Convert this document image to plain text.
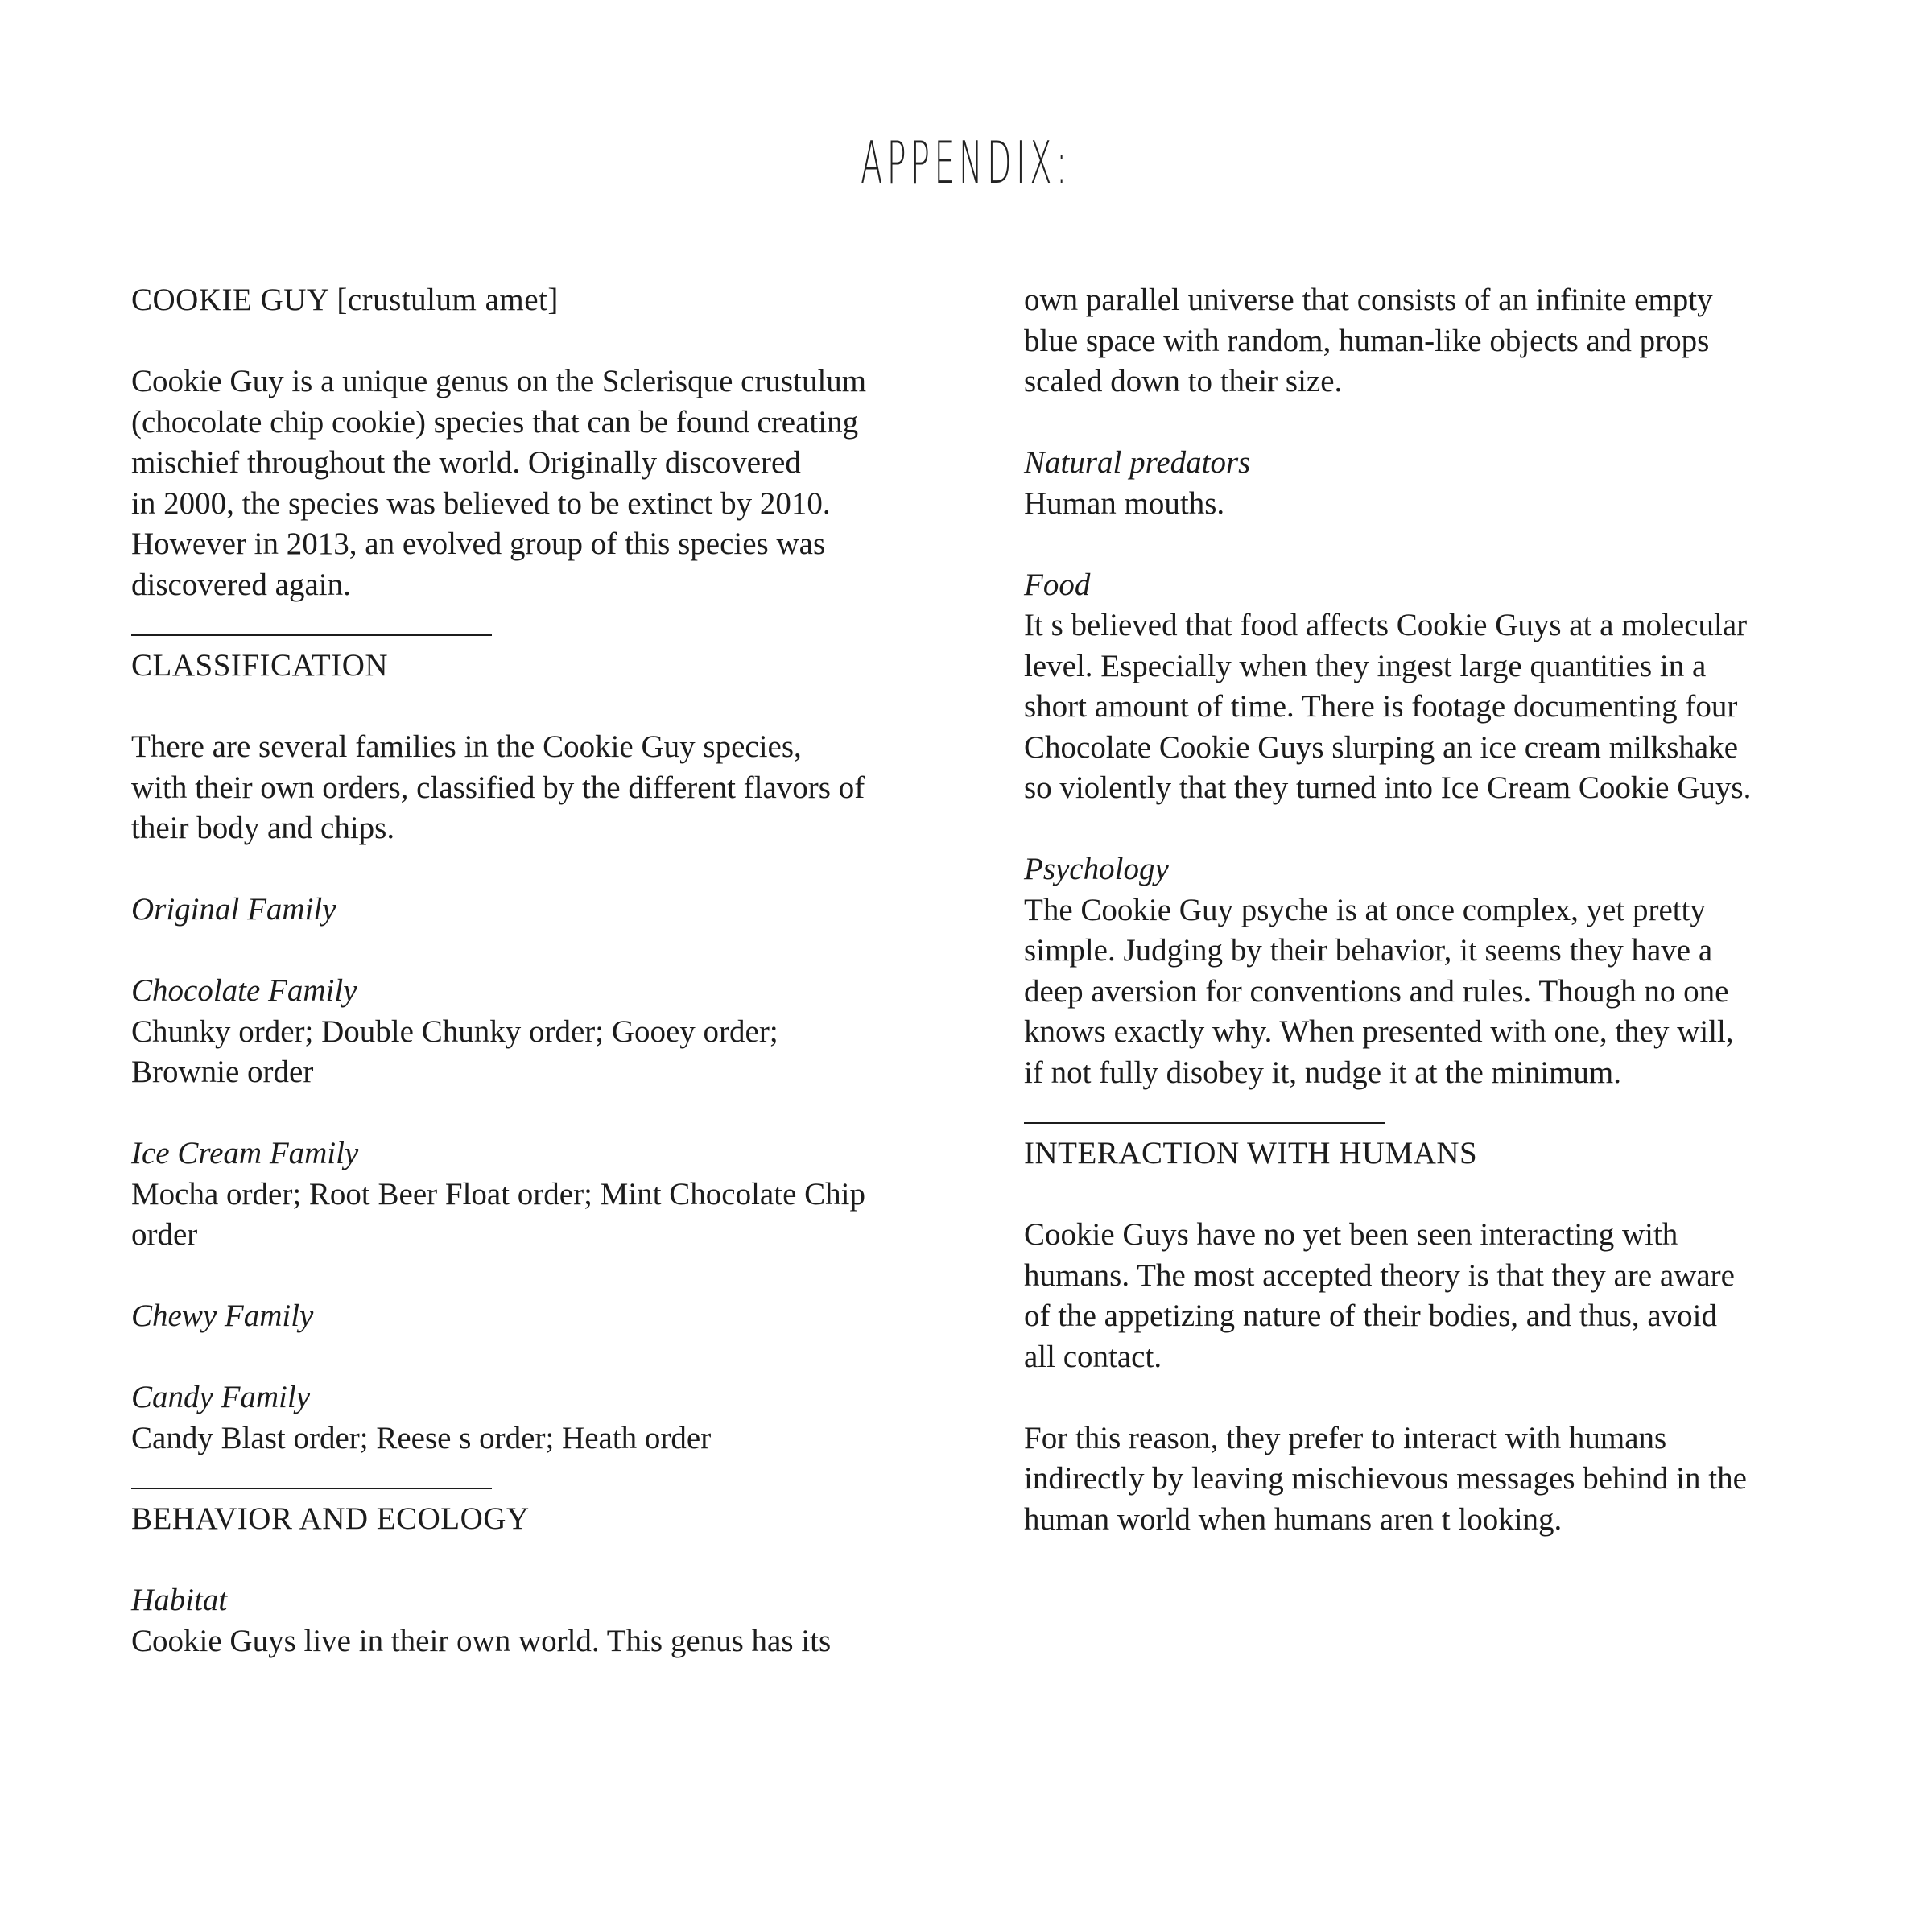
APPENDIX:

COOKIE GUY [crustulum amet]

Cookie Guy is a unique genus on the Sclerisque crustulum

(chocolate chip cookie) species that can be found creating

mischief throughout the world. Originally discovered

in 2000, the species was believed to be extinct by 2010.

However in 2013, an evolved group of this species was

discovered again.

CLASSIFICATION

There are several families in the Cookie Guy species,

with their own orders, classified by the different flavors of

their body and chips.

Original Family

Chocolate Family

Chunky order; Double Chunky order; Gooey order;

Brownie order

Ice Cream Family

Mocha order; Root Beer Float order; Mint Chocolate Chip

order

Chewy Family

Candy Family

Candy Blast order; Reese s order; Heath order

BEHAVIOR AND ECOLOGY

Habitat

Cookie Guys live in their own world. This genus has its

own parallel universe that consists of an infinite empty

blue space with random, human-like objects and props

scaled down to their size.

Natural predators

Human mouths.

Food

It s believed that food affects Cookie Guys at a molecular

level. Especially when they ingest large quantities in a

short amount of time. There is footage documenting four

Chocolate Cookie Guys slurping an ice cream milkshake

so violently that they turned into Ice Cream Cookie Guys.

Psychology

The Cookie Guy psyche is at once complex, yet pretty

simple. Judging by their behavior, it seems they have a

deep aversion for conventions and rules. Though no one

knows exactly why. When presented with one, they will,

if not fully disobey it, nudge it at the minimum.

INTERACTION WITH HUMANS

Cookie Guys have no yet been seen interacting with

humans. The most accepted theory is that they are aware

of the appetizing nature of their bodies, and thus, avoid

all contact.

For this reason, they prefer to interact with humans

indirectly by leaving mischievous messages behind in the

human world when humans aren t looking.
